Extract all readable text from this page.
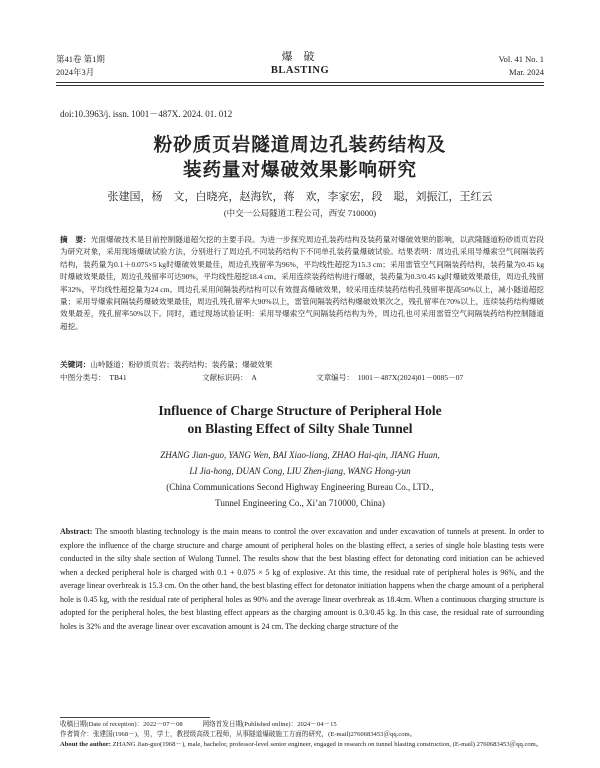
第41卷 第1期
2024年3月
爆 破
BLASTING
Vol. 41 No. 1
Mar. 2024
doi:10.3963/j. issn. 1001－487X. 2024. 01. 012
粉砂质页岩隧道周边孔装药结构及
装药量对爆破效果影响研究
张建国，杨　文，白晓亮，赵海钦，蒋　欢，李家宏，段　聪，刘振江，王红云
(中交一公局隧道工程公司，西安 710000)
摘　要：光面爆破技术是目前控制隧道超欠挖的主要手段。为进一步探究周边孔装药结构及装药量对爆破效果的影响，以武隆隧道粉砂质页岩段为研究对象，采用现场爆破试验方法，分别进行了周边孔不同装药结构下不同单孔装药量爆破试验。结果表明：周边孔采用导爆索空气间隔装药结构，装药量为0.1＋0.075×5 kg时爆破效果最佳，周边孔残留率为96%，平均线性超挖为15.3 cm；采用雷管空气间隔装药结构，装药量为0.45 kg时爆破效果最佳，周边孔残留率可达90%，平均线性超挖18.4 cm。采用连续装药结构进行爆破，装药量为0.3/0.45 kg时爆破效果最佳，周边孔残留率32%，平均线性超挖量为24 cm。周边孔采用间隔装药结构可以有效提高爆破效果，较采用连续装药结构孔残留率提高50%以上，减小隧道超挖量；采用导爆索间隔装药爆破效果最佳，周边孔残孔留率大90%以上，雷管间隔装药结构爆破效果次之，残孔留率在70%以上，连续装药结构爆破效果最差，残孔留率50%以下。同时，通过现场试验证明：采用导爆索空气间隔装药结构为外，周边孔也可采用雷管空气间隔装药结构控制隧道超挖。
关键词：山岭隧道；粉砂质页岩；装药结构；装药量；爆破效果
中图分类号：　TB41	文献标识码：　A	文章编号：　1001－487X(2024)01－0085－07
Influence of Charge Structure of Peripheral Hole
on Blasting Effect of Silty Shale Tunnel
ZHANG Jian-guo, YANG Wen, BAI Xiao-liang, ZHAO Hai-qin, JIANG Huan,
LI Jia-hong, DUAN Cong, LIU Zhen-jiang, WANG Hong-yun
(China Communications Second Highway Engineering Bureau Co., LTD.,
Tunnel Engineering Co., Xi’an 710000, China)
Abstract: The smooth blasting technology is the main means to control the over excavation and under excavation of tunnels at present. In order to explore the influence of the charge structure and charge amount of peripheral holes on the blasting effect, a series of single hole blasting tests were conducted in the silty shale section of Wulong Tunnel. The results show that the best blasting effect for detonating cord initiation can be achieved when a decked peripheral hole is charged with 0.1 + 0.075 × 5 kg of explosive. At this time, the residual rate of peripheral holes is 96%, and the average linear overbreak is 15.3 cm. On the other hand, the best blasting effect for detonator initiation happens when the charge amount of a peripheral hole is 0.45 kg, with the residual rate of peripheral holes as 90% and the average linear overbreak as 18.4cm. When a continuous charging structure is adopted for the peripheral holes, the best blasting effect appears as the charging amount is 0.3/0.45 kg. In this case, the residual rate of surrounding holes is 32% and the average linear over excavation amount is 24 cm. The decking charge structure of the
收稿日期(Date of reception)：2022－07－08　　　网络首发日期(Published online)：2024－04－15
作者简介：张建国(1968－)，男，学士，教授级高级工程师，从事隧道爆破施工方面的研究，(E-mail)2760683453＠qq.com。
About the author: ZHANG Jian-guo(1968－), male, bachelor, professor-level senior engineer, engaged in research on tunnel blasting construction, (E-mail) 2760683453＠qq.com。
